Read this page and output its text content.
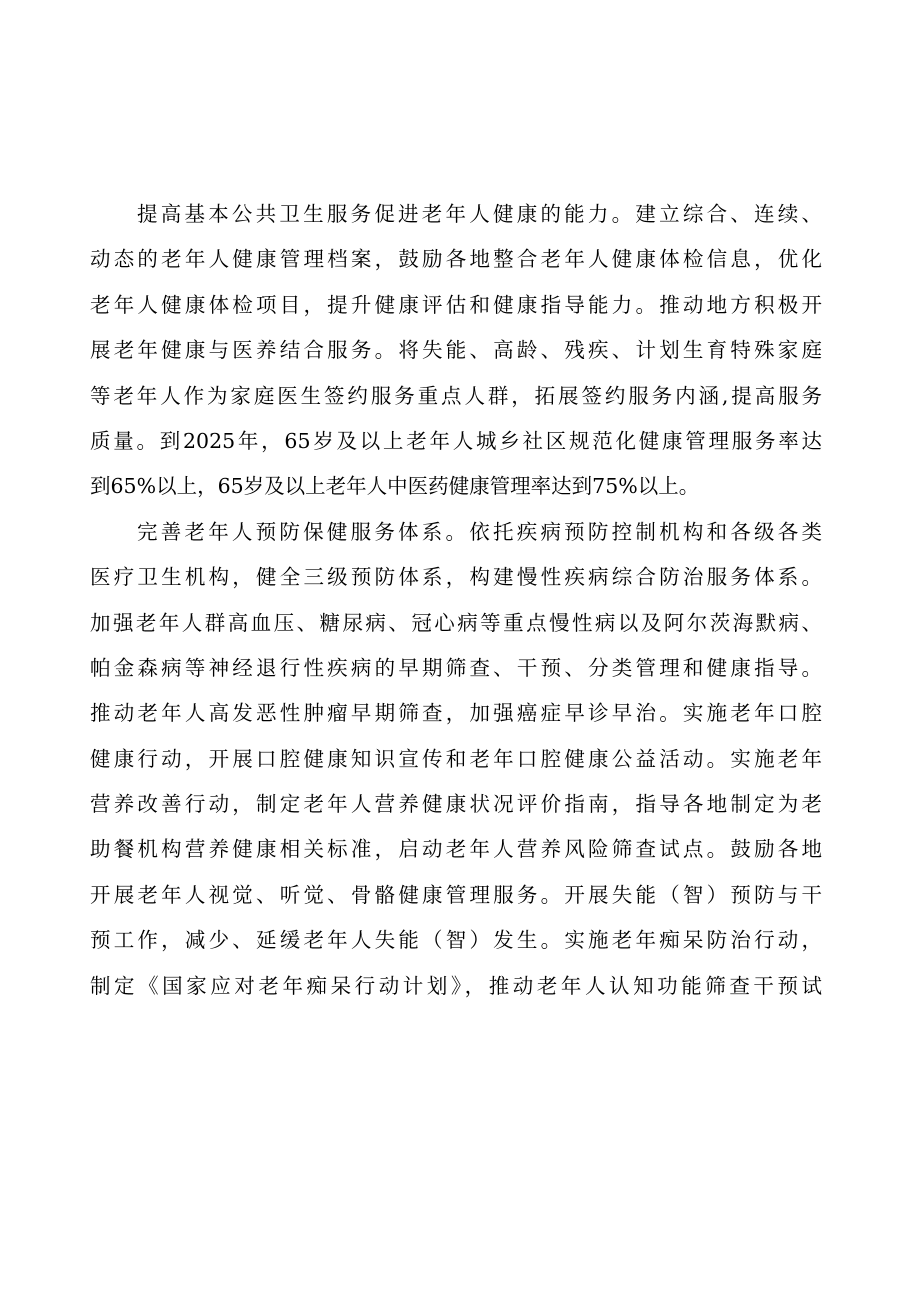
提高基本公共卫生服务促进老年人健康的能力。建立综合、连续、
动态的老年人健康管理档案，鼓励各地整合老年人健康体检信息，优化
老年人健康体检项目，提升健康评估和健康指导能力。推动地方积极开
展老年健康与医养结合服务。将失能、高龄、残疾、计划生育特殊家庭
等老年人作为家庭医生签约服务重点人群，拓展签约服务内涵,提高服务
质量。到2025年，65岁及以上老年人城乡社区规范化健康管理服务率达
到65%以上，65岁及以上老年人中医药健康管理率达到75%以上。
完善老年人预防保健服务体系。依托疾病预防控制机构和各级各类
医疗卫生机构，健全三级预防体系，构建慢性疾病综合防治服务体系。
加强老年人群高血压、糖尿病、冠心病等重点慢性病以及阿尔茨海默病、
帕金森病等神经退行性疾病的早期筛查、干预、分类管理和健康指导。
推动老年人高发恶性肿瘤早期筛查，加强癌症早诊早治。实施老年口腔
健康行动，开展口腔健康知识宣传和老年口腔健康公益活动。实施老年
营养改善行动，制定老年人营养健康状况评价指南，指导各地制定为老
助餐机构营养健康相关标准，启动老年人营养风险筛查试点。鼓励各地
开展老年人视觉、听觉、骨骼健康管理服务。开展失能（智）预防与干
预工作，减少、延缓老年人失能（智）发生。实施老年痴呆防治行动，
制定《国家应对老年痴呆行动计划》，推动老年人认知功能筛查干预试
